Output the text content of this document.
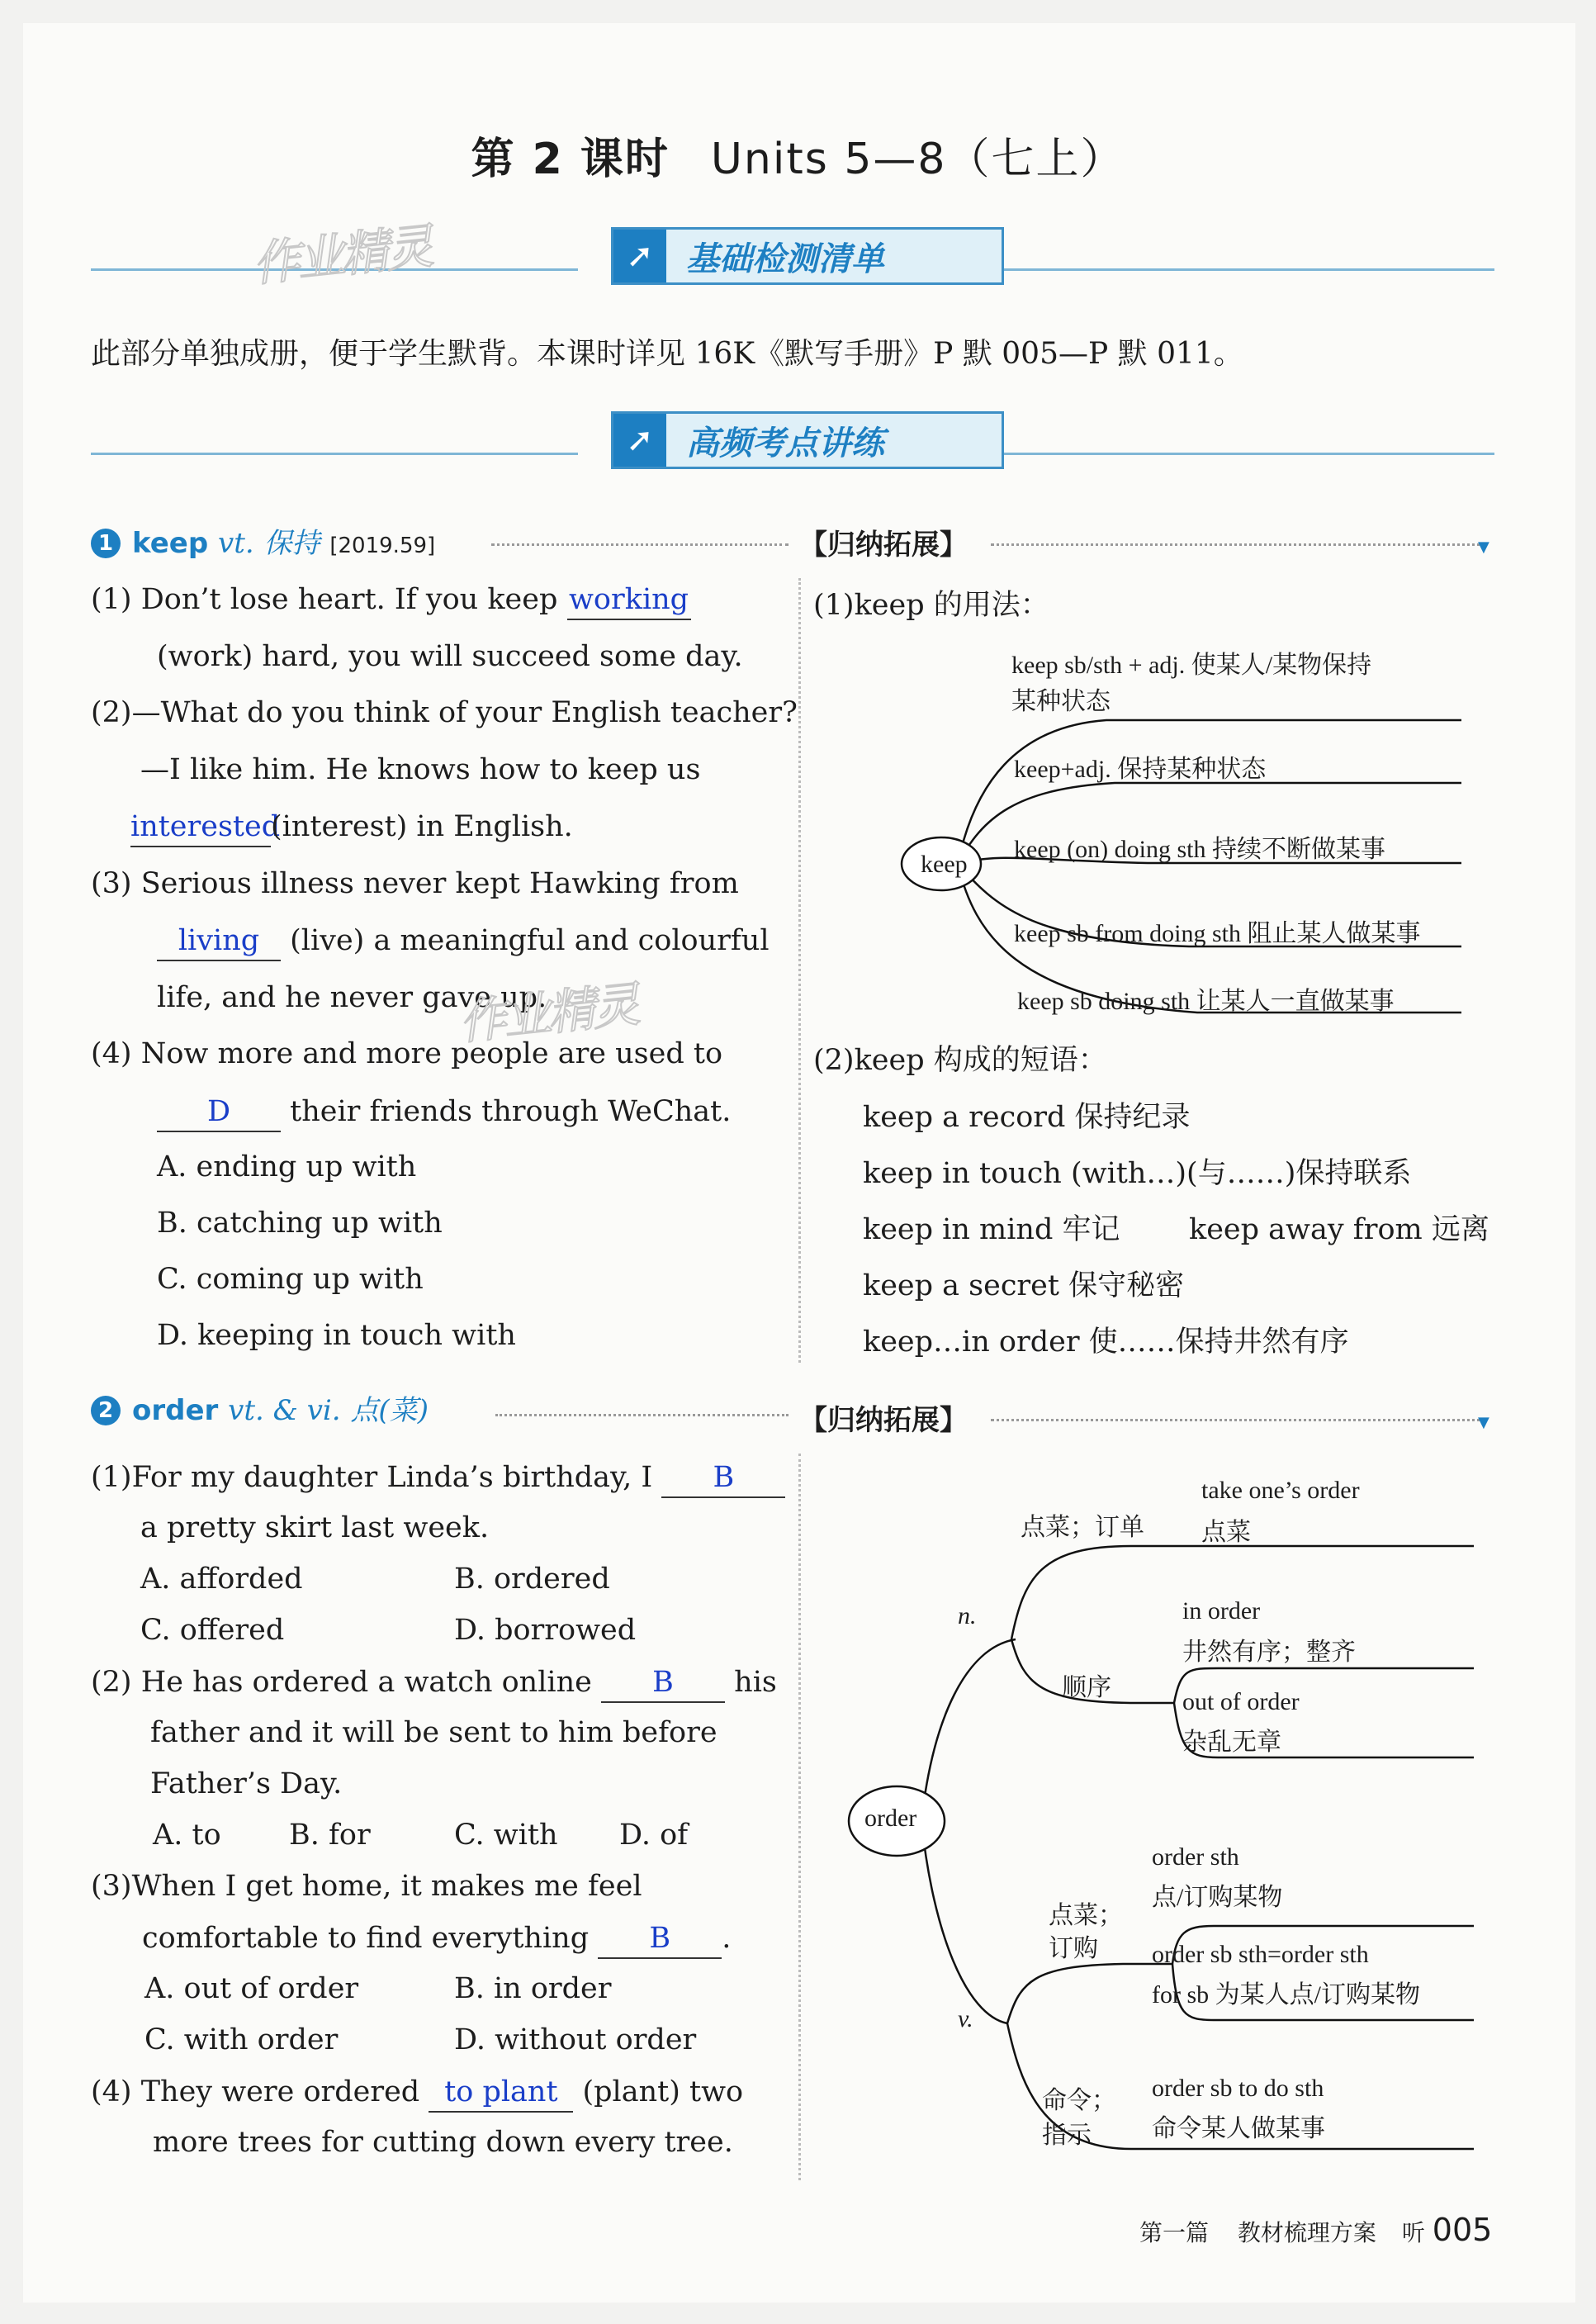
第 2 课时 Units 5—8（七上）
作业精灵	➚ 基础检测清单
此部分单独成册，便于学生默背。本课时详见 16K《默写手册》P 默 005—P 默 011。
➚ 高频考点讲练
1 keep vt. 保持 [2019.59]	【归纳拓展】	▼
(1) Don’t lose heart. If you keep working
(work) hard, you will succeed some day.
(2)—What do you think of your English teacher?
—I like him. He knows how to keep us
interested(interest) in English.
(3) Serious illness never kept Hawking from
living (live) a meaningful and colourful
life, and he never gave up.
作业精灵
(4) Now more and more people are used to
D their friends through WeChat.
A. ending up with
B. catching up with
C. coming up with
D. keeping in touch with
(1)keep 的用法：
keep
keep sb/sth + adj. 使某人/某物保持
某种状态
keep+adj. 保持某种状态
keep (on) doing sth 持续不断做某事
keep sb from doing sth 阻止某人做某事
keep sb doing sth 让某人一直做某事
(2)keep 构成的短语：
keep a record 保持纪录
keep in touch (with…)(与……)保持联系
keep in mind 牢记 keep away from 远离
keep a secret 保守秘密
keep…in order 使……保持井然有序
2 order vt. & vi. 点(菜)	【归纳拓展】	▼
(1)For my daughter Linda’s birthday, I B
a pretty skirt last week.
A. afforded	B. ordered
C. offered	D. borrowed
(2) He has ordered a watch online B his
father and it will be sent to him before
Father’s Day.
A. to B. for	C. with D. of
(3)When I get home, it makes me feel
comfortable to find everything B .
A. out of order	B. in order
C. with order	D. without order
(4) They were ordered to plant (plant) two
more trees for cutting down every tree.
order
n.
v.
点菜；订单
take one’s order
点菜
顺序
in order
井然有序；整齐
out of order
杂乱无章
点菜；
订购
order sth
点/订购某物
order sb sth=order sth
for sb 为某人点/订购某物
命令；
指示
order sb to do sth
命令某人做某事
第一篇 教材梳理方案 听 005
